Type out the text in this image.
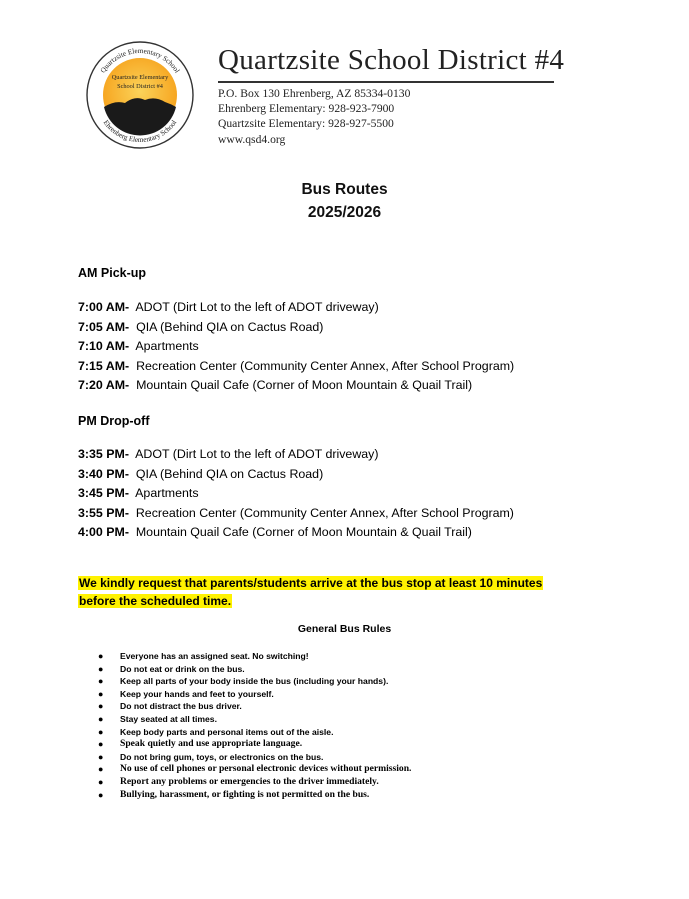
Quartzsite Elementary School
Ehrenberg Elementary School
Quartzsite Elementary
School District #4
Quartzsite School District #4
P.O. Box 130 Ehrenberg, AZ 85334-0130
Ehrenberg Elementary: 928-923-7900
Quartzsite Elementary: 928-927-5500
www.qsd4.org
Bus Routes
2025/2026
AM Pick-up
7:00 AM- ADOT (Dirt Lot to the left of ADOT driveway)
7:05 AM- QIA (Behind QIA on Cactus Road)
7:10 AM- Apartments
7:15 AM- Recreation Center (Community Center Annex, After School Program)
7:20 AM- Mountain Quail Cafe (Corner of Moon Mountain & Quail Trail)
PM Drop-off
3:35 PM- ADOT (Dirt Lot to the left of ADOT driveway)
3:40 PM- QIA (Behind QIA on Cactus Road)
3:45 PM- Apartments
3:55 PM- Recreation Center (Community Center Annex, After School Program)
4:00 PM- Mountain Quail Cafe (Corner of Moon Mountain & Quail Trail)
We kindly request that parents/students arrive at the bus stop at least 10 minutes before the scheduled time.
General Bus Rules
● Everyone has an assigned seat. No switching!
● Do not eat or drink on the bus.
● Keep all parts of your body inside the bus (including your hands).
● Keep your hands and feet to yourself.
● Do not distract the bus driver.
● Stay seated at all times.
● Keep body parts and personal items out of the aisle.
● Speak quietly and use appropriate language.
● Do not bring gum, toys, or electronics on the bus.
● No use of cell phones or personal electronic devices without permission.
● Report any problems or emergencies to the driver immediately.
● Bullying, harassment, or fighting is not permitted on the bus.
